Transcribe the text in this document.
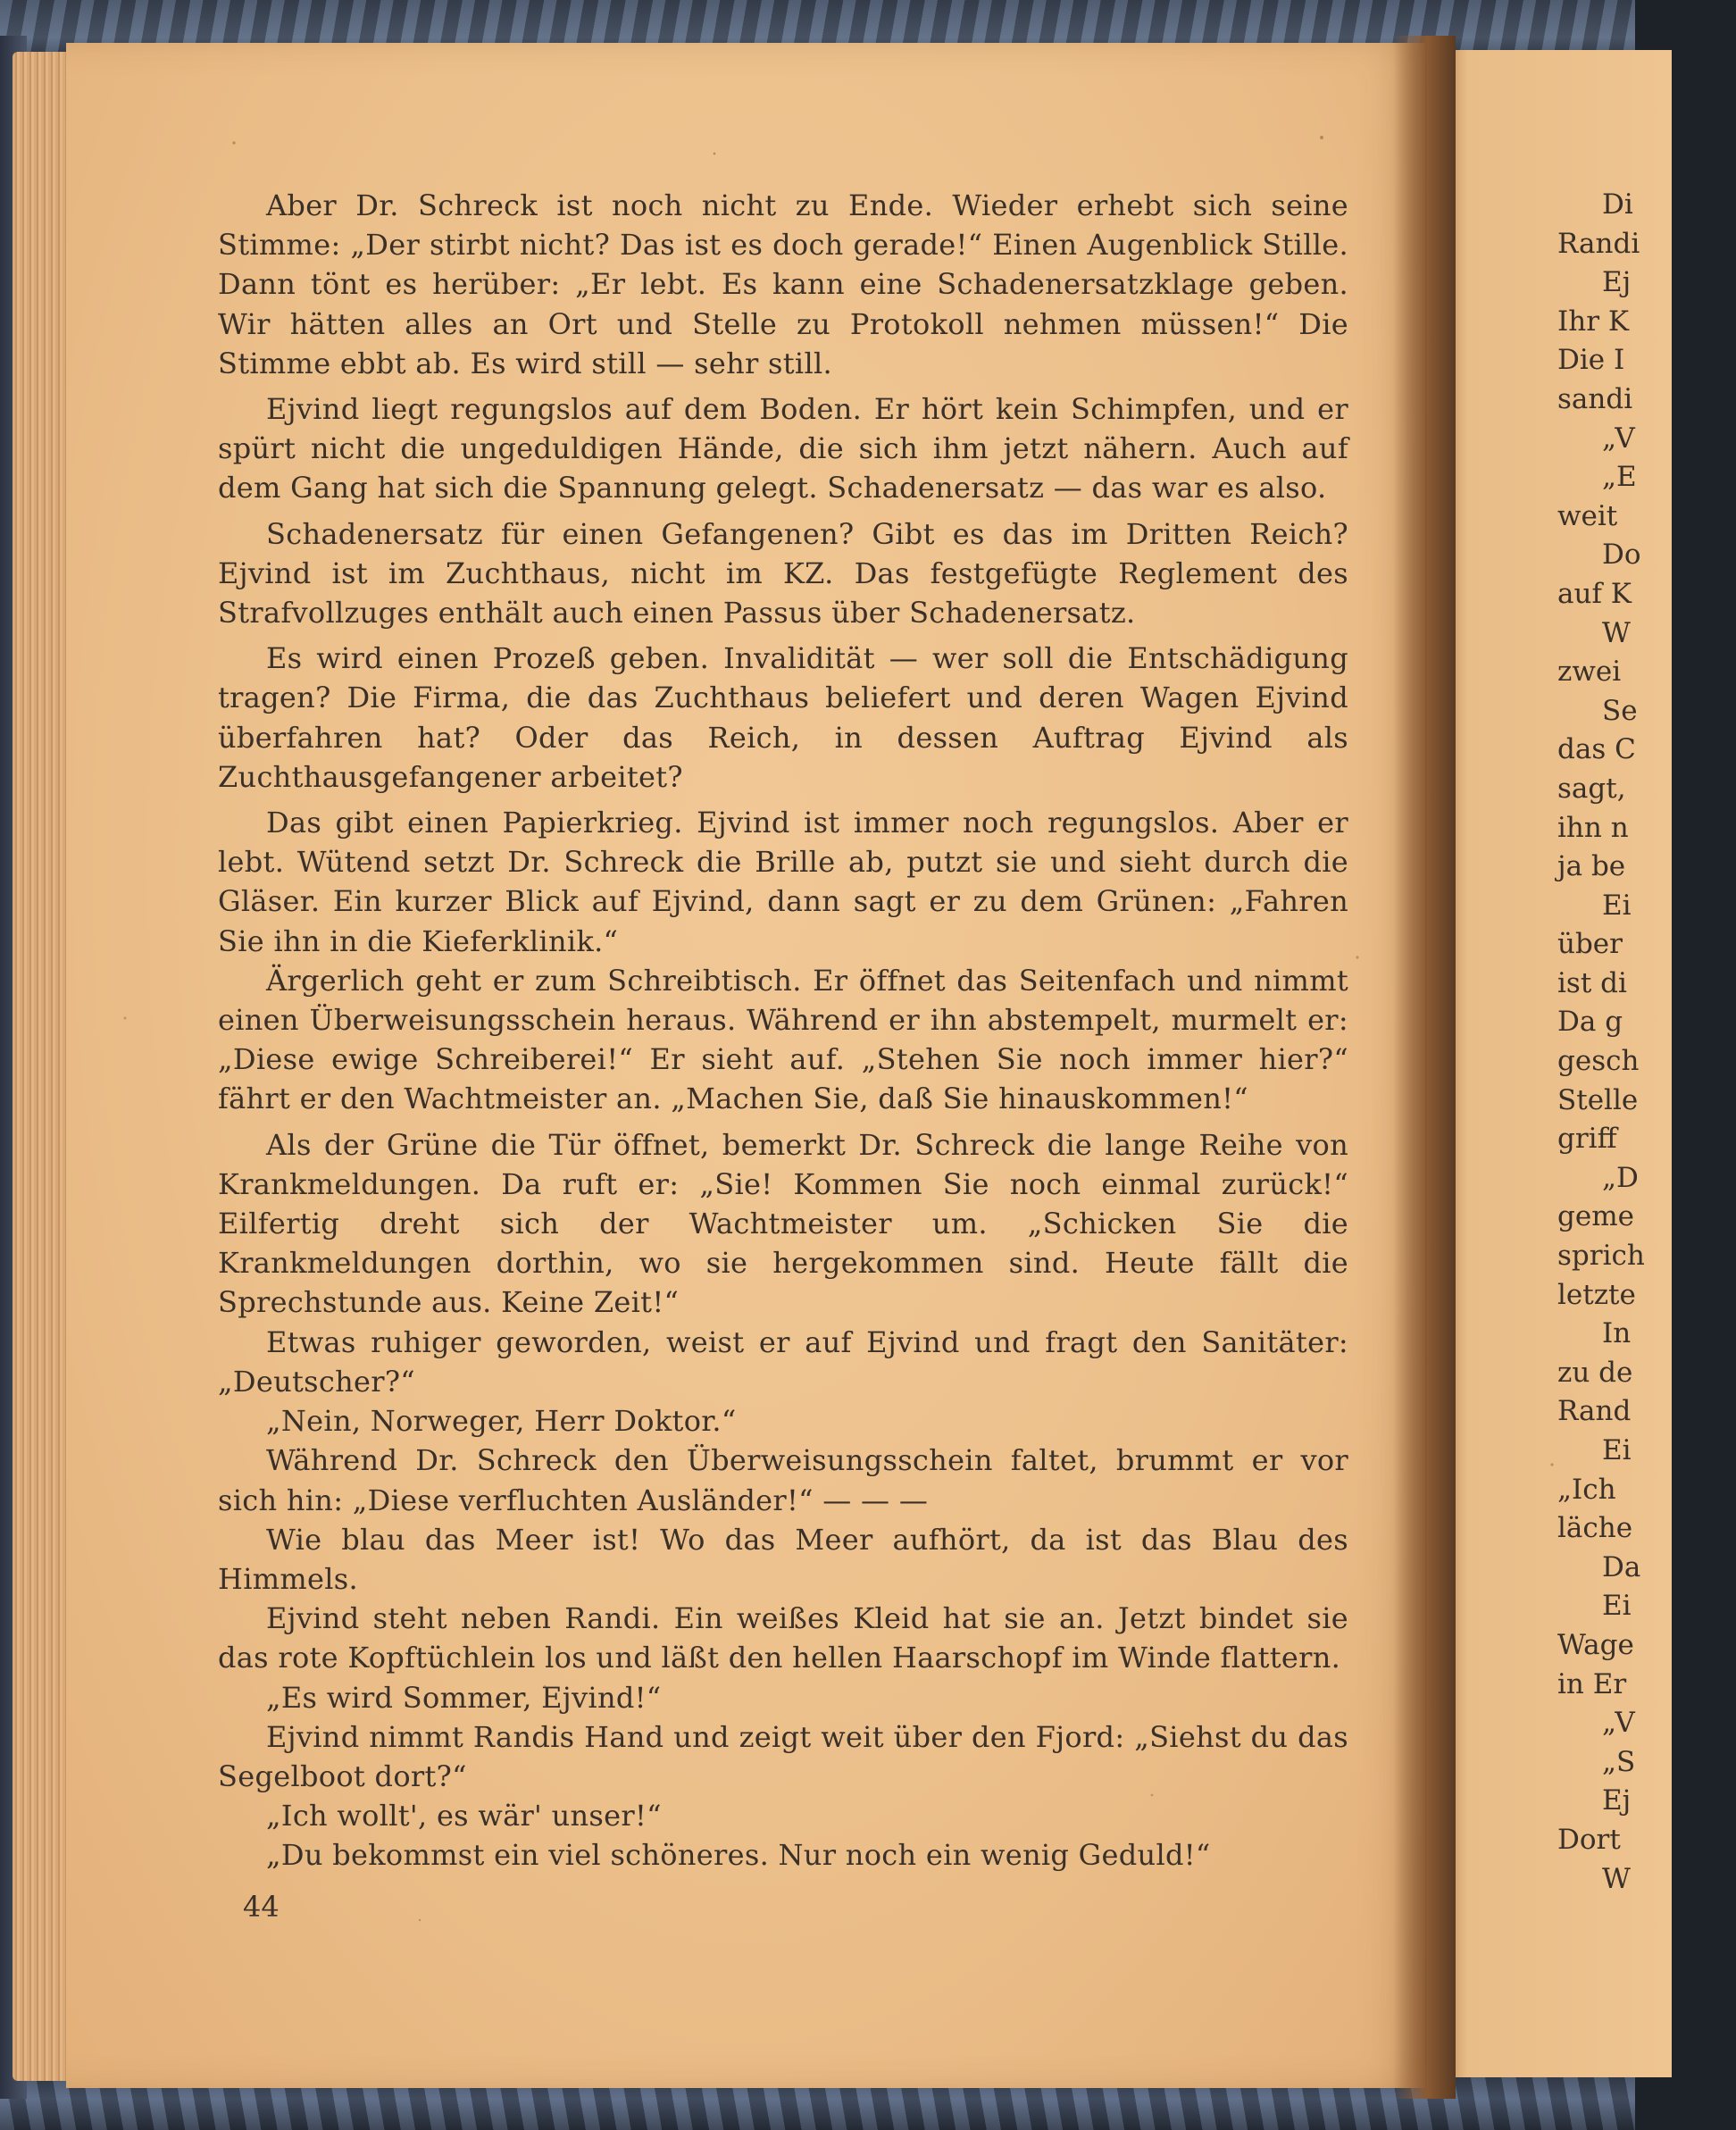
Aber Dr. Schreck ist noch nicht zu Ende. Wieder erhebt sich seine Stimme: „Der stirbt nicht? Das ist es doch gerade!“ Einen Augenblick Stille. Dann tönt es herüber: „Er lebt. Es kann eine Schadenersatzklage geben. Wir hätten alles an Ort und Stelle zu Protokoll nehmen müssen!“ Die Stimme ebbt ab. Es wird still — sehr still.

Ejvind liegt regungslos auf dem Boden. Er hört kein Schimpfen, und er spürt nicht die ungeduldigen Hände, die sich ihm jetzt nähern. Auch auf dem Gang hat sich die Spannung gelegt. Schadenersatz — das war es also.

Schadenersatz für einen Gefangenen? Gibt es das im Dritten Reich? Ejvind ist im Zuchthaus, nicht im KZ. Das festgefügte Reglement des Strafvollzuges enthält auch einen Passus über Schadenersatz.

Es wird einen Prozeß geben. Invalidität — wer soll die Entschädigung tragen? Die Firma, die das Zuchthaus beliefert und deren Wagen Ejvind überfahren hat? Oder das Reich, in dessen Auftrag Ejvind als Zuchthausgefangener arbeitet?

Das gibt einen Papierkrieg. Ejvind ist immer noch regungslos. Aber er lebt. Wütend setzt Dr. Schreck die Brille ab, putzt sie und sieht durch die Gläser. Ein kurzer Blick auf Ejvind, dann sagt er zu dem Grünen: „Fahren Sie ihn in die Kieferklinik.“

Ärgerlich geht er zum Schreibtisch. Er öffnet das Seitenfach und nimmt einen Überweisungsschein heraus. Während er ihn abstempelt, murmelt er: „Diese ewige Schreiberei!“ Er sieht auf. „Stehen Sie noch immer hier?“ fährt er den Wachtmeister an. „Machen Sie, daß Sie hinauskommen!“

Als der Grüne die Tür öffnet, bemerkt Dr. Schreck die lange Reihe von Krankmeldungen. Da ruft er: „Sie! Kommen Sie noch einmal zurück!“ Eilfertig dreht sich der Wachtmeister um. „Schicken Sie die Krankmeldungen dorthin, wo sie hergekommen sind. Heute fällt die Sprechstunde aus. Keine Zeit!“

Etwas ruhiger geworden, weist er auf Ejvind und fragt den Sanitäter: „Deutscher?“

„Nein, Norweger, Herr Doktor.“

Während Dr. Schreck den Überweisungsschein faltet, brummt er vor sich hin: „Diese verfluchten Ausländer!“ — — —

Wie blau das Meer ist! Wo das Meer aufhört, da ist das Blau des Himmels.

Ejvind steht neben Randi. Ein weißes Kleid hat sie an. Jetzt bindet sie das rote Kopftüchlein los und läßt den hellen Haarschopf im Winde flattern.

„Es wird Sommer, Ejvind!“

Ejvind nimmt Randis Hand und zeigt weit über den Fjord: „Siehst du das Segelboot dort?“

„Ich wollt', es wär' unser!“

„Du bekommst ein viel schöneres. Nur noch ein wenig Geduld!“

44
Di
Randi
Ej
Ihr K
Die I
sandi
„V
„E
weit
Do
auf K
W
zwei
Se
das C
sagt,
ihn n
ja be
Ei
über
ist di
Da g
gesch
Stelle
griff
„D
geme
sprich
letzte
In
zu de
Rand
Ei
„Ich
läche
Da
Ei
Wage
in Er
„V
„S
Ej
Dort
W
